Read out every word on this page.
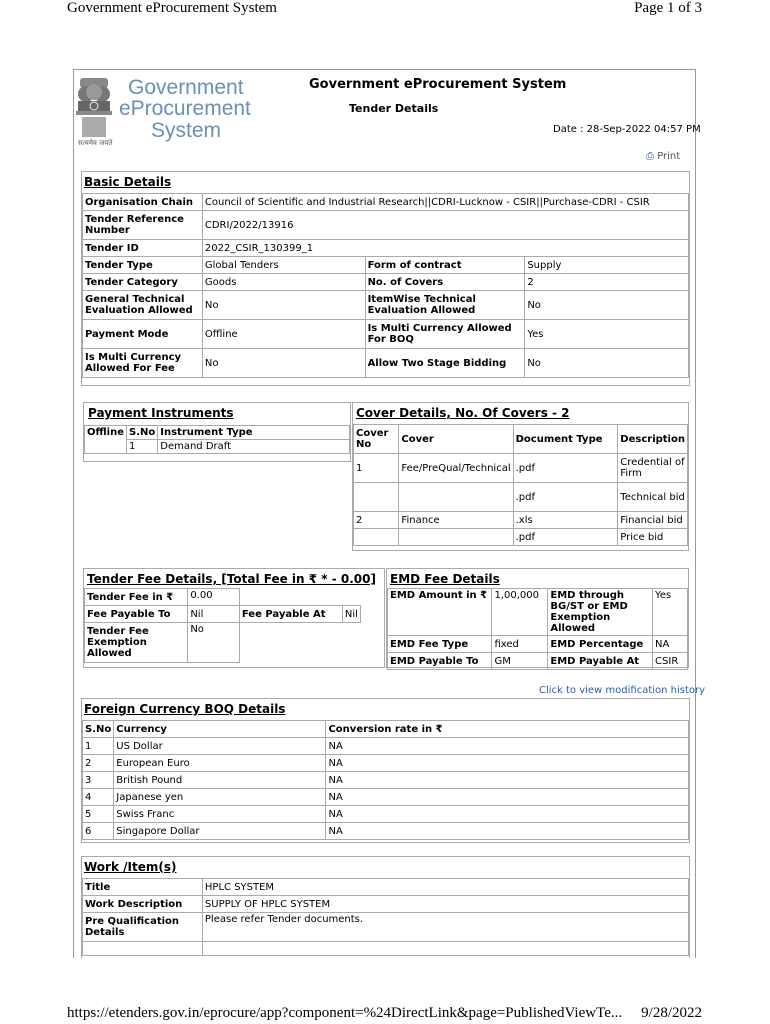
Government eProcurement System	Page 1 of 3
Government
eProcurement
System
सत्यमेव जयते
Government eProcurement System
Tender Details
Date : 28-Sep-2022 04:57 PM
⎙ Print
Basic Details
Organisation Chain	Council of Scientific and Industrial Research||CDRI-Lucknow - CSIR||Purchase-CDRI - CSIR		
Tender Reference Number	CDRI/2022/13916		
Tender ID	2022_CSIR_130399_1		
Tender Type	Global Tenders	Form of contract	Supply
Tender Category	Goods	No. of Covers	2
General Technical Evaluation Allowed	No	ItemWise Technical Evaluation Allowed	No
Payment Mode	Offline	Is Multi Currency Allowed For BOQ	Yes
Is Multi Currency Allowed For Fee	No	Allow Two Stage Bidding	No
Payment Instruments
Offline	S.No	Instrument Type
	1	Demand Draft
Cover Details, No. Of Covers - 2
Cover No	Cover	Document Type	Description
1	Fee/PreQual/Technical	.pdf	Credential of Firm
		.pdf	Technical bid
2	Finance	.xls	Financial bid
		.pdf	Price bid
Tender Fee Details, [Total Fee in ₹ * - 0.00]
Tender Fee in ₹	0.00		
Fee Payable To	Nil	Fee Payable At	Nil
Tender Fee Exemption Allowed	No		
EMD Fee Details
EMD Amount in ₹	1,00,000	EMD through BG/ST or EMD Exemption Allowed	Yes
EMD Fee Type	fixed	EMD Percentage	NA
EMD Payable To	GM	EMD Payable At	CSIR
Click to view modification history
Foreign Currency BOQ Details
S.No	Currency	Conversion rate in ₹
1	US Dollar	NA
2	European Euro	NA
3	British Pound	NA
4	Japanese yen	NA
5	Swiss Franc	NA
6	Singapore Dollar	NA
Work /Item(s)
Title	HPLC SYSTEM
Work Description	SUPPLY OF HPLC SYSTEM
Pre Qualification Details	Please refer Tender documents.

https://etenders.gov.in/eprocure/app?component=%24DirectLink&page=PublishedViewTe... 9/28/2022
